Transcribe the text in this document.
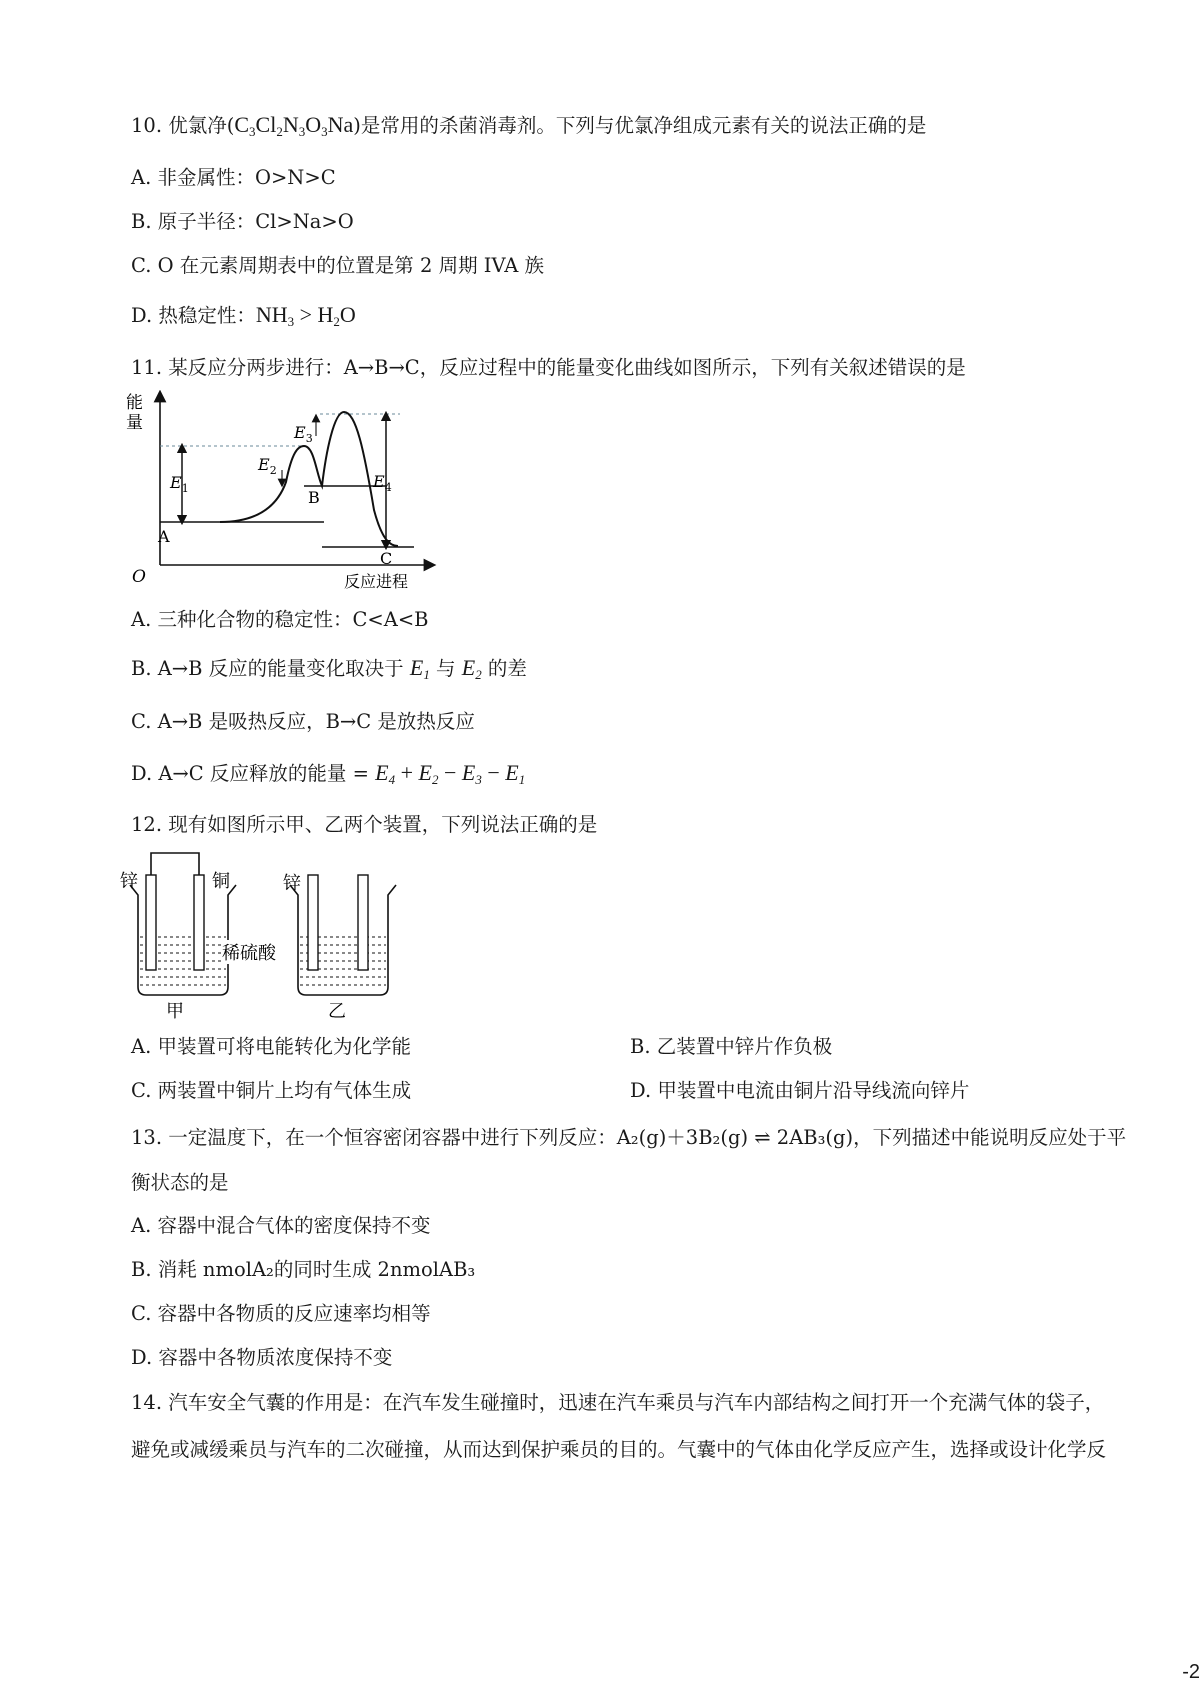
10. 优氯净$(C_3Cl_2N_3O_3Na)$是常用的杀菌消毒剂。下列与优氯净组成元素有关的说法正确的是
A. 非金属性：O>N>C
B. 原子半径：Cl>Na>O
C. O 在元素周期表中的位置是第 2 周期 IVA 族
D. 热稳定性：$NH_3 > H_2O$
11. 某反应分两步进行：A→B→C，反应过程中的能量变化曲线如图所示，下列有关叙述错误的是
能
量
O	反应进程
$E_1$
$E_2$
$E_3$
$E_4$
A
B
C
A. 三种化合物的稳定性：C<A<B
B. A→B 反应的能量变化取决于 $E_1$ 与 $E_2$ 的差
C. A→B 是吸热反应，B→C 是放热反应
D. A→C 反应释放的能量 = $E_4 + E_2 - E_3 - E_1$
12. 现有如图所示甲、乙两个装置，下列说法正确的是
锌	铜
甲
锌
乙
稀硫酸
A. 甲装置可将电能转化为化学能	B. 乙装置中锌片作负极
C. 两装置中铜片上均有气体生成	D. 甲装置中电流由铜片沿导线流向锌片
13. 一定温度下，在一个恒容密闭容器中进行下列反应：A₂(g)＋3B₂(g) ⇌ 2AB₃(g)，下列描述中能说明反应处于平
衡状态的是
A. 容器中混合气体的密度保持不变
B. 消耗 nmolA₂的同时生成 2nmolAB₃
C. 容器中各物质的反应速率均相等
D. 容器中各物质浓度保持不变
14. 汽车安全气囊的作用是：在汽车发生碰撞时，迅速在汽车乘员与汽车内部结构之间打开一个充满气体的袋子，
避免或减缓乘员与汽车的二次碰撞，从而达到保护乘员的目的。气囊中的气体由化学反应产生，选择或设计化学反
-2
